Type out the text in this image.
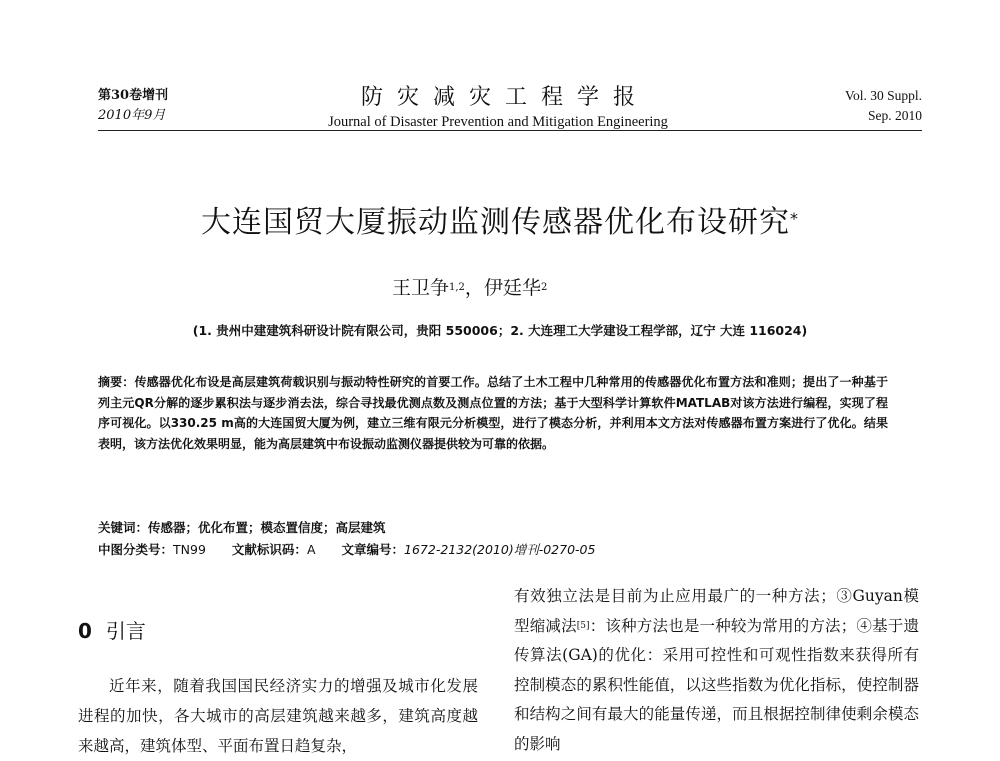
第30卷增刊
2010年9月
防灾减灾工程学报
Journal of Disaster Prevention and Mitigation Engineering
Vol. 30 Suppl.
Sep. 2010
大连国贸大厦振动监测传感器优化布设研究*
王卫争$^{1,2}$，伊廷华$^2$
(1. 贵州中建建筑科研设计院有限公司，贵阳 550006；2. 大连理工大学建设工程学部，辽宁 大连 116024)
摘要：传感器优化布设是高层建筑荷载识别与振动特性研究的首要工作。总结了土木工程中几种常用的传感器优化布置方法和准则；提出了一种基于列主元QR分解的逐步累积法与逐步消去法，综合寻找最优测点数及测点位置的方法；基于大型科学计算软件MATLAB对该方法进行编程，实现了程序可视化。以330.25 m高的大连国贸大厦为例，建立三维有限元分析模型，进行了模态分析，并利用本文方法对传感器布置方案进行了优化。结果表明，该方法优化效果明显，能为高层建筑中布设振动监测仪器提供较为可靠的依据。
关键词：传感器；优化布置；模态置信度；高层建筑
中图分类号：TN99 文献标识码：A 文章编号：1672-2132(2010)增刊-0270-05
0 引言

近年来，随着我国国民经济实力的增强及城市化发展进程的加快，各大城市的高层建筑越来越多，建筑高度越来越高，建筑体型、平面布置日趋复杂，

有效独立法是目前为止应用最广的一种方法；③Guyan模型缩减法[5]：该种方法也是一种较为常用的方法；④基于遗传算法(GA)的优化：采用可控性和可观性指数来获得所有控制模态的累积性能值，以这些指数为优化指标，使控制器和结构之间有最大的能量传递，而且根据控制律使剩余模态的影响
